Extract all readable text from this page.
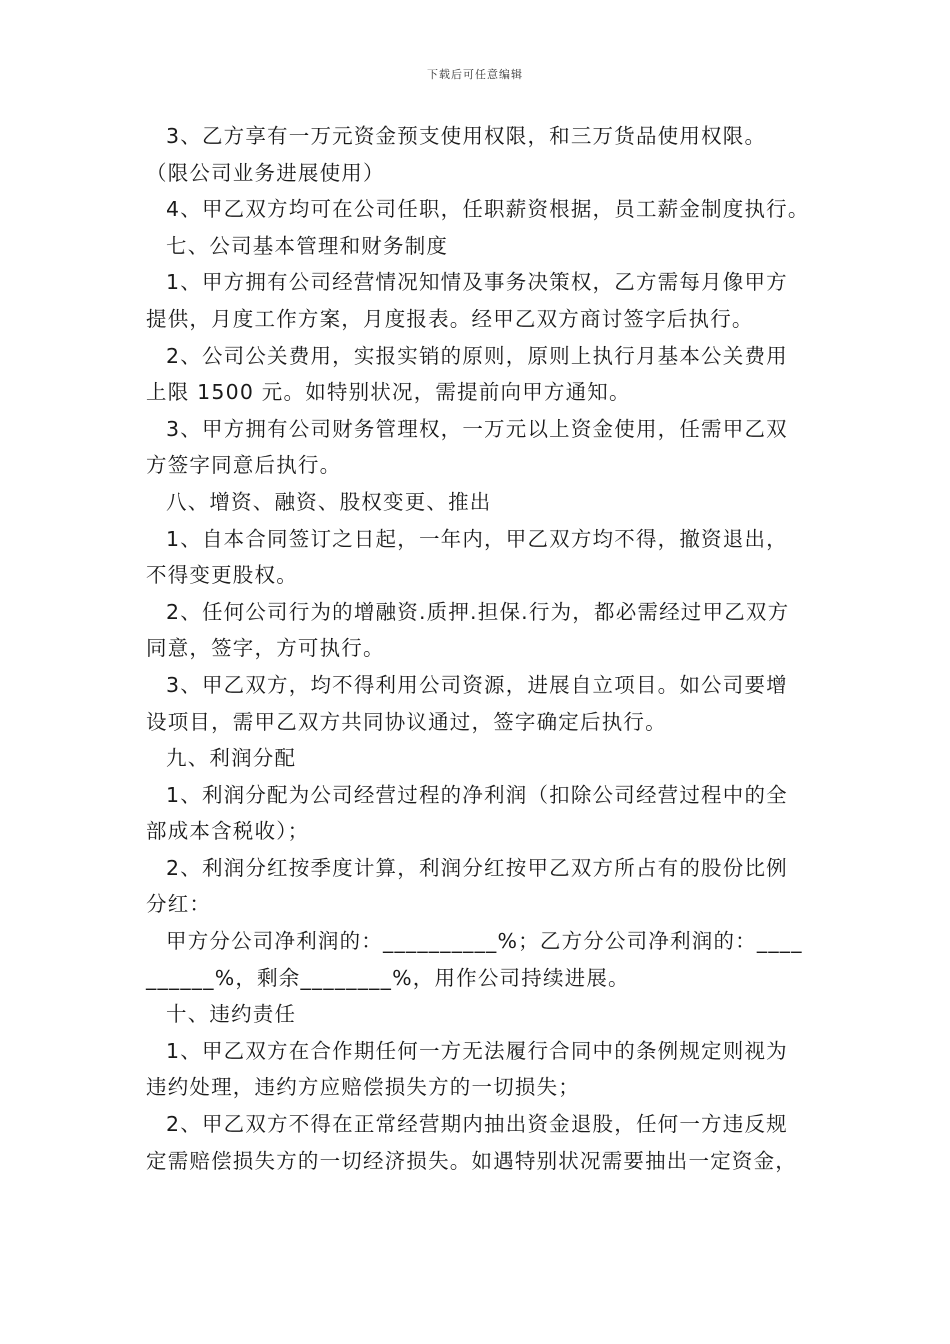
下载后可任意编辑
3、乙方享有一万元资金预支使用权限，和三万货品使用权限。
（限公司业务进展使用）
4、甲乙双方均可在公司任职，任职薪资根据，员工薪金制度执行。
七、公司基本管理和财务制度
1、甲方拥有公司经营情况知情及事务决策权，乙方需每月像甲方
提供，月度工作方案，月度报表。经甲乙双方商讨签字后执行。
2、公司公关费用，实报实销的原则，原则上执行月基本公关费用
上限 1500 元。如特别状况，需提前向甲方通知。
3、甲方拥有公司财务管理权，一万元以上资金使用，任需甲乙双
方签字同意后执行。
八、增资、融资、股权变更、推出
1、自本合同签订之日起，一年内，甲乙双方均不得，撤资退出，
不得变更股权。
2、任何公司行为的增融资.质押.担保.行为，都必需经过甲乙双方
同意，签字，方可执行。
3、甲乙双方，均不得利用公司资源，进展自立项目。如公司要增
设项目，需甲乙双方共同协议通过，签字确定后执行。
九、利润分配
1、利润分配为公司经营过程的净利润（扣除公司经营过程中的全
部成本含税收）；
2、利润分红按季度计算，利润分红按甲乙双方所占有的股份比例
分红：
甲方分公司净利润的：__________%；乙方分公司净利润的：____
______%，剩余________%，用作公司持续进展。
十、违约责任
1、甲乙双方在合作期任何一方无法履行合同中的条例规定则视为
违约处理，违约方应赔偿损失方的一切损失；
2、甲乙双方不得在正常经营期内抽出资金退股，任何一方违反规
定需赔偿损失方的一切经济损失。如遇特别状况需要抽出一定资金，
